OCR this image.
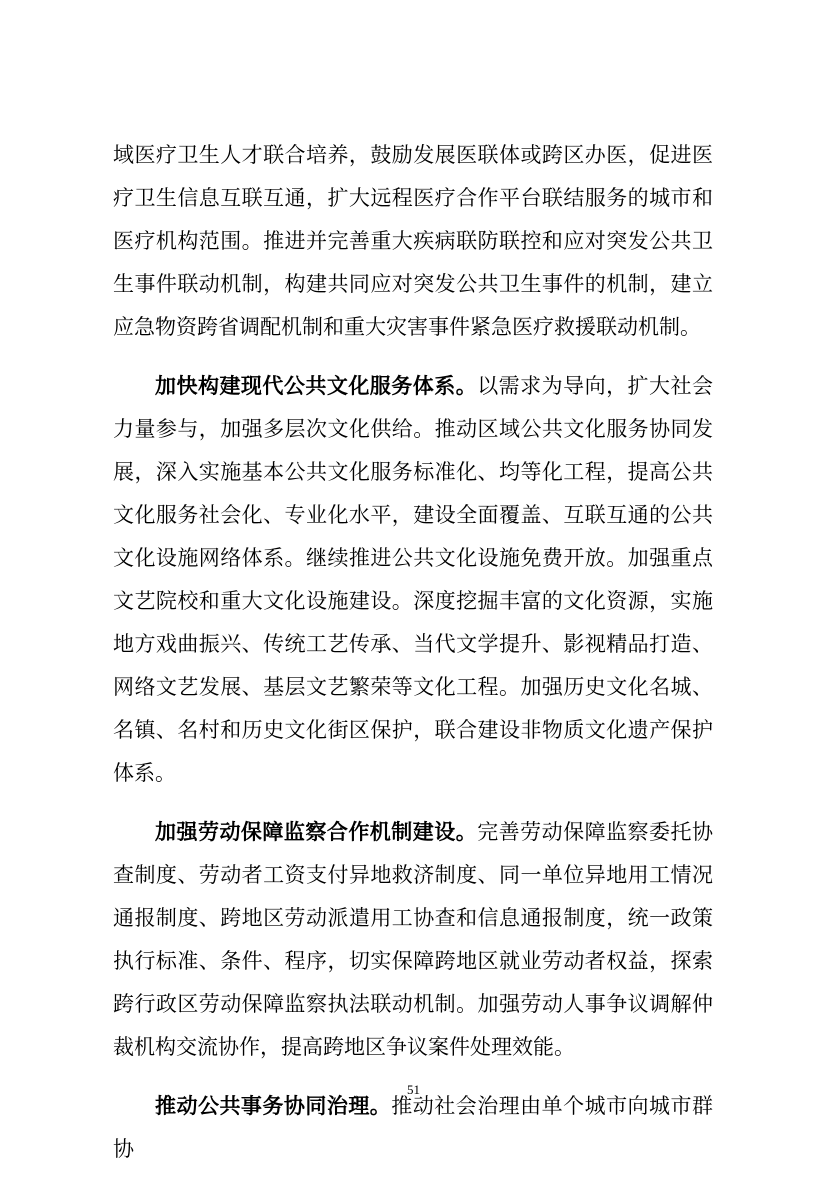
域医疗卫生人才联合培养，鼓励发展医联体或跨区办医，促进医疗卫生信息互联互通，扩大远程医疗合作平台联结服务的城市和医疗机构范围。推进并完善重大疾病联防联控和应对突发公共卫生事件联动机制，构建共同应对突发公共卫生事件的机制，建立应急物资跨省调配机制和重大灾害事件紧急医疗救援联动机制。

加快构建现代公共文化服务体系。以需求为导向，扩大社会力量参与，加强多层次文化供给。推动区域公共文化服务协同发展，深入实施基本公共文化服务标准化、均等化工程，提高公共文化服务社会化、专业化水平，建设全面覆盖、互联互通的公共文化设施网络体系。继续推进公共文化设施免费开放。加强重点文艺院校和重大文化设施建设。深度挖掘丰富的文化资源，实施地方戏曲振兴、传统工艺传承、当代文学提升、影视精品打造、网络文艺发展、基层文艺繁荣等文化工程。加强历史文化名城、名镇、名村和历史文化街区保护，联合建设非物质文化遗产保护体系。

加强劳动保障监察合作机制建设。完善劳动保障监察委托协查制度、劳动者工资支付异地救济制度、同一单位异地用工情况通报制度、跨地区劳动派遣用工协查和信息通报制度，统一政策执行标准、条件、程序，切实保障跨地区就业劳动者权益，探索跨行政区劳动保障监察执法联动机制。加强劳动人事争议调解仲裁机构交流协作，提高跨地区争议案件处理效能。

推动公共事务协同治理。推动社会治理由单个城市向城市群协

51
